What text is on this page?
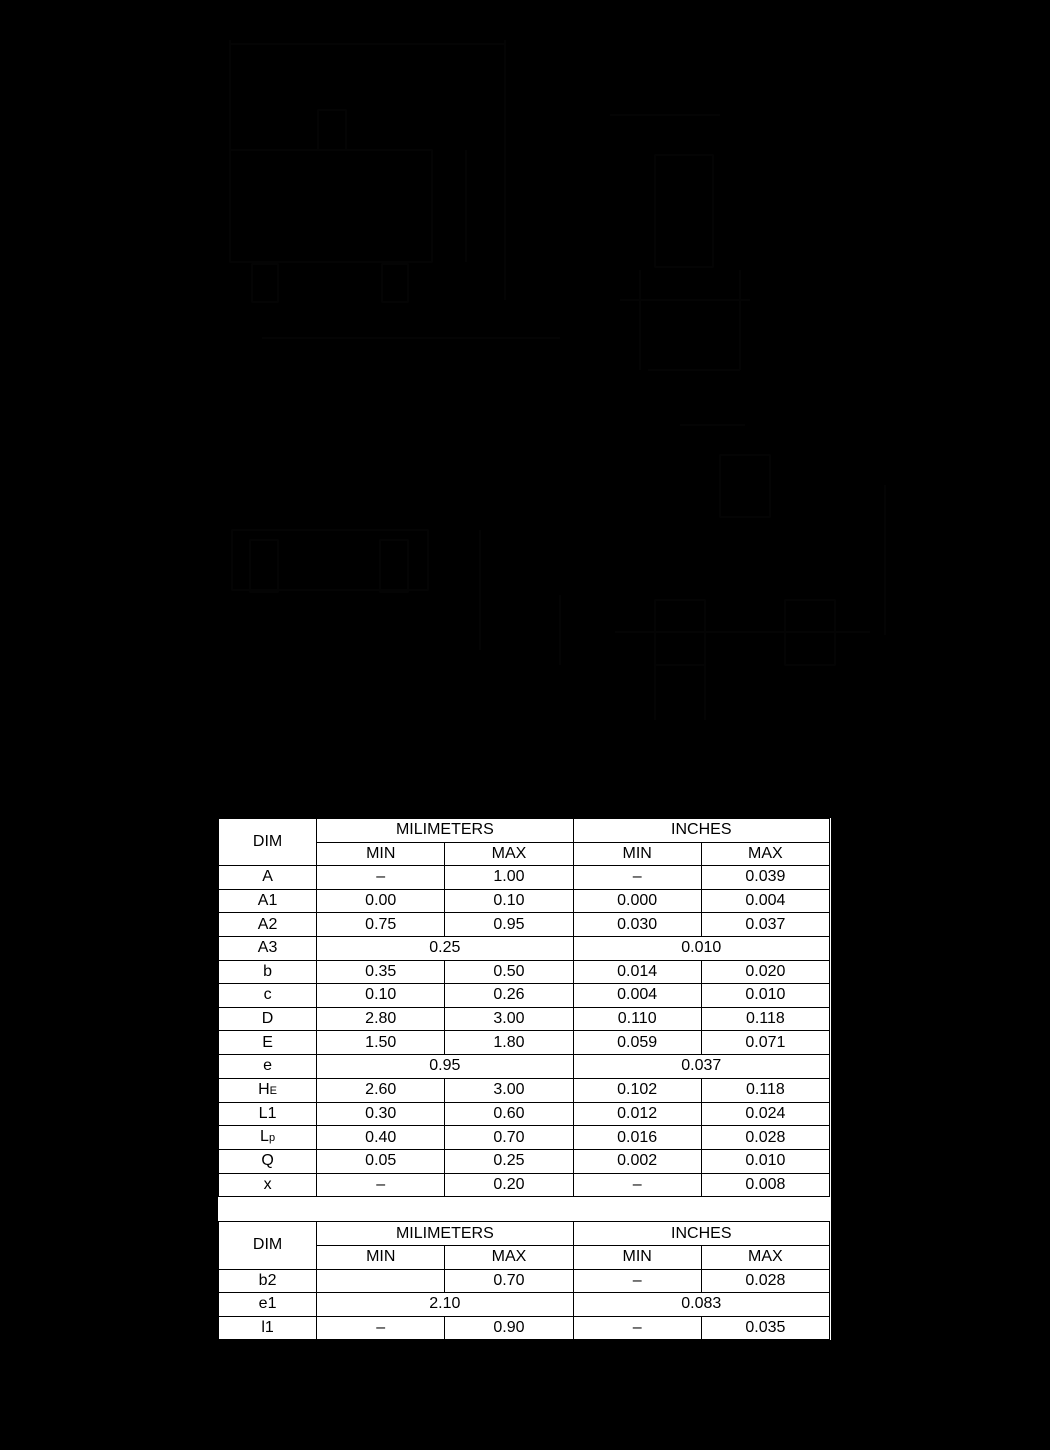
DIM	MILIMETERS		INCHES	
	MIN	MAX	MIN	MAX
A	–	1.00	–	0.039
A1	0.00	0.10	0.000	0.004
A2	0.75	0.95	0.030	0.037
A3	0.25		0.010	
b	0.35	0.50	0.014	0.020
c	0.10	0.26	0.004	0.010
D	2.80	3.00	0.110	0.118
E	1.50	1.80	0.059	0.071
e	0.95		0.037	
HE	2.60	3.00	0.102	0.118
L1	0.30	0.60	0.012	0.024
Lp	0.40	0.70	0.016	0.028
Q	0.05	0.25	0.002	0.010
x	–	0.20	–	0.008
DIM	MILIMETERS		INCHES	
	MIN	MAX	MIN	MAX
b2		0.70	–	0.028
e1	2.10		0.083	
l1	–	0.90	–	0.035
